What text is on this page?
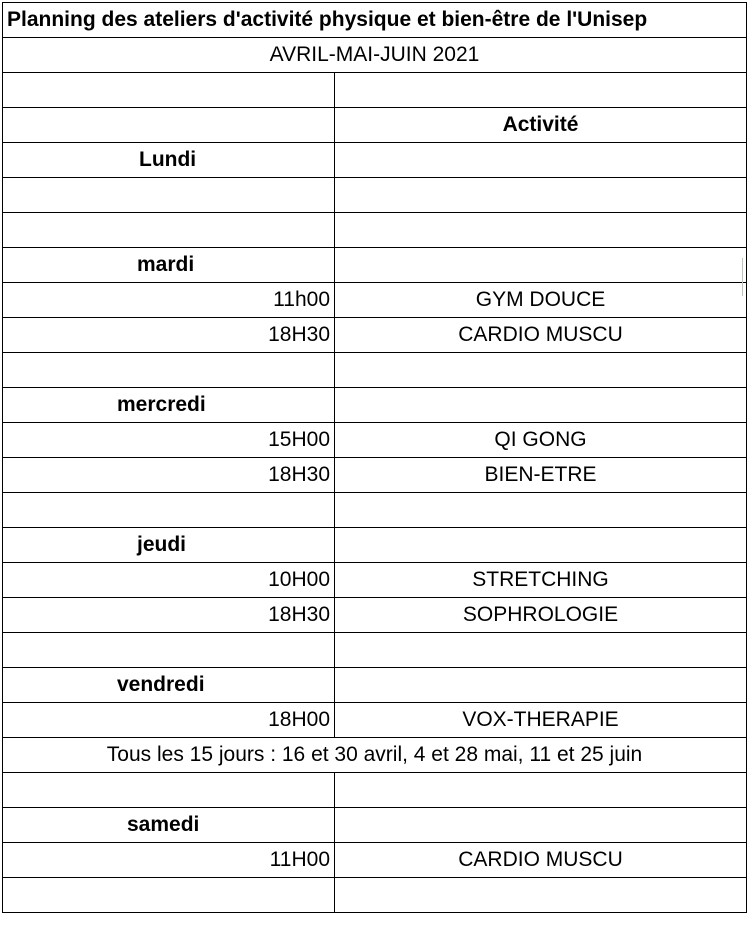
Planning des ateliers d'activité physique et bien-être de l'Unisep	
AVRIL-MAI-JUIN 2021	

	Activité
Lundi	

mardi	
11h00	GYM DOUCE
18H30	CARDIO MUSCU

mercredi	
15H00	QI GONG
18H30	BIEN-ETRE

jeudi	
10H00	STRETCHING
18H30	SOPHROLOGIE

vendredi	
18H00	VOX-THERAPIE
Tous les 15 jours : 16 et 30 avril, 4 et 28 mai, 11 et 25 juin	

samedi	
11H00	CARDIO MUSCU
